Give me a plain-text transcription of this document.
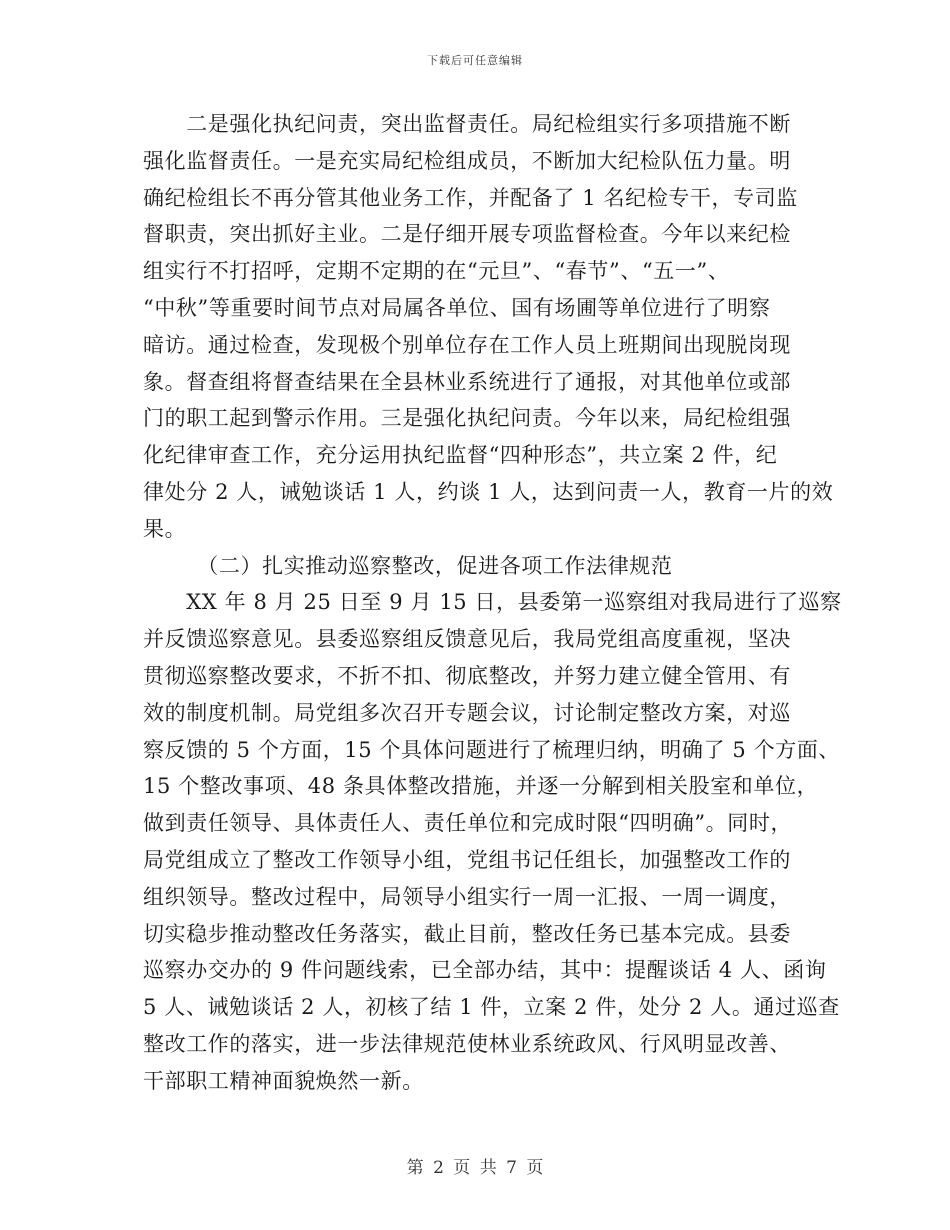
下载后可任意编辑
　　二是强化执纪问责，突出监督责任。局纪检组实行多项措施不断
强化监督责任。一是充实局纪检组成员，不断加大纪检队伍力量。明
确纪检组长不再分管其他业务工作，并配备了 1 名纪检专干，专司监
督职责，突出抓好主业。二是仔细开展专项监督检查。今年以来纪检
组实行不打招呼，定期不定期的在“元旦”、“春节”、“五一”、
“中秋”等重要时间节点对局属各单位、国有场圃等单位进行了明察
暗访。通过检查，发现极个别单位存在工作人员上班期间出现脱岗现
象。督查组将督查结果在全县林业系统进行了通报，对其他单位或部
门的职工起到警示作用。三是强化执纪问责。今年以来，局纪检组强
化纪律审查工作，充分运用执纪监督“四种形态”，共立案 2 件，纪
律处分 2 人，诫勉谈话 1 人，约谈 1 人，达到问责一人，教育一片的效
果。
　　　（二）扎实推动巡察整改，促进各项工作法律规范
　　XX 年 8 月 25 日至 9 月 15 日，县委第一巡察组对我局进行了巡察
并反馈巡察意见。县委巡察组反馈意见后，我局党组高度重视，坚决
贯彻巡察整改要求，不折不扣、彻底整改，并努力建立健全管用、有
效的制度机制。局党组多次召开专题会议，讨论制定整改方案，对巡
察反馈的 5 个方面，15 个具体问题进行了梳理归纳，明确了 5 个方面、
15 个整改事项、48 条具体整改措施，并逐一分解到相关股室和单位，
做到责任领导、具体责任人、责任单位和完成时限“四明确”。同时，
局党组成立了整改工作领导小组，党组书记任组长，加强整改工作的
组织领导。整改过程中，局领导小组实行一周一汇报、一周一调度，
切实稳步推动整改任务落实，截止目前，整改任务已基本完成。县委
巡察办交办的 9 件问题线索，已全部办结，其中：提醒谈话 4 人、函询
5 人、诫勉谈话 2 人，初核了结 1 件，立案 2 件，处分 2 人。通过巡查
整改工作的落实，进一步法律规范使林业系统政风、行风明显改善、
干部职工精神面貌焕然一新。
第 2 页 共 7 页
